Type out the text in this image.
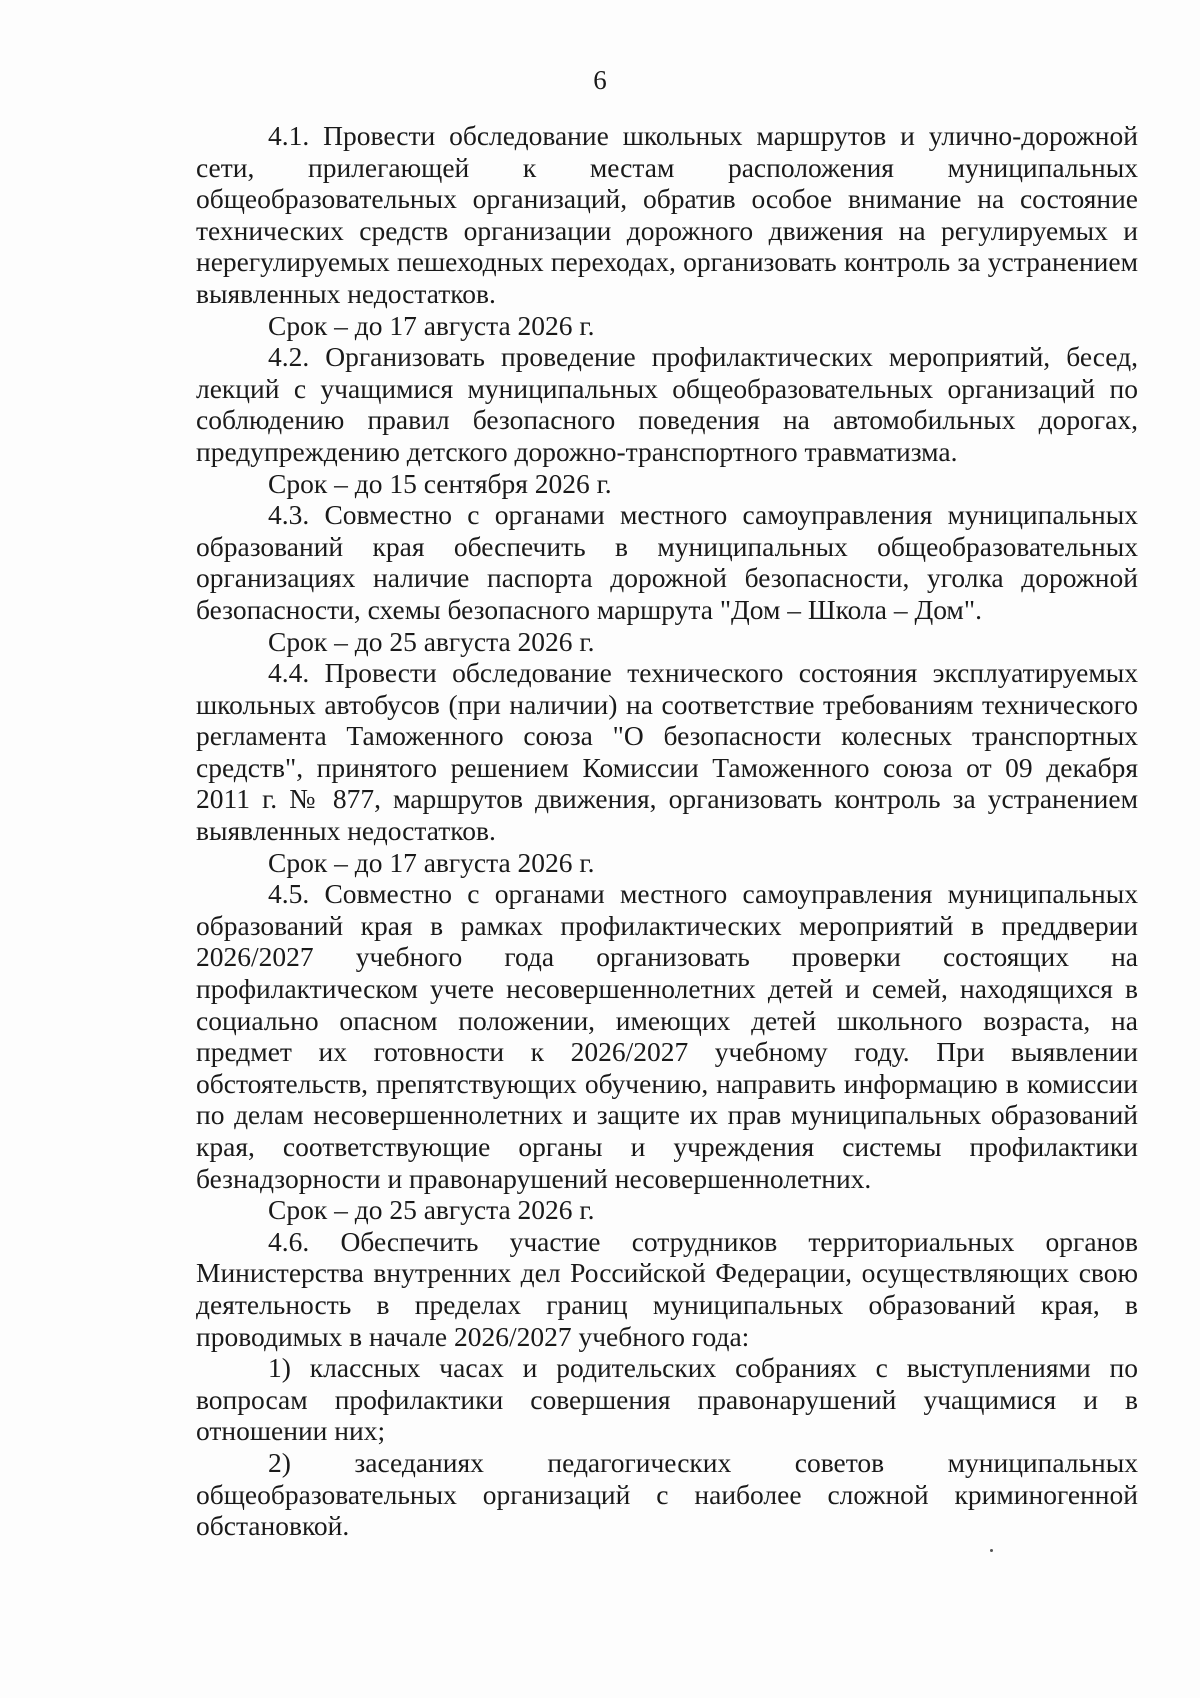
6

4.1. Провести обследование школьных маршрутов и улично-дорожной сети, прилегающей к местам расположения муниципальных общеобразовательных организаций, обратив особое внимание на состояние технических средств организации дорожного движения на регулируемых и нерегулируемых пешеходных переходах, организовать контроль за устранением выявленных недостатков.

Срок – до 17 августа 2026 г.

4.2. Организовать проведение профилактических мероприятий, бесед, лекций с учащимися муниципальных общеобразовательных организаций по соблюдению правил безопасного поведения на автомобильных дорогах, предупреждению детского дорожно-транспортного травматизма.

Срок – до 15 сентября 2026 г.

4.3. Совместно с органами местного самоуправления муниципальных образований края обеспечить в муниципальных общеобразовательных организациях наличие паспорта дорожной безопасности, уголка дорожной безопасности, схемы безопасного маршрута "Дом – Школа – Дом".

Срок – до 25 августа 2026 г.

4.4. Провести обследование технического состояния эксплуатируемых школьных автобусов (при наличии) на соответствие требованиям технического регламента Таможенного союза "О безопасности колесных транспортных средств", принятого решением Комиссии Таможенного союза от 09 декабря 2011 г. № 877, маршрутов движения, организовать контроль за устранением выявленных недостатков.

Срок – до 17 августа 2026 г.

4.5. Совместно с органами местного самоуправления муниципальных образований края в рамках профилактических мероприятий в преддверии 2026/2027 учебного года организовать проверки состоящих на профилактическом учете несовершеннолетних детей и семей, находящихся в социально опасном положении, имеющих детей школьного возраста, на предмет их готовности к 2026/2027 учебному году. При выявлении обстоятельств, препятствующих обучению, направить информацию в комиссии по делам несовершеннолетних и защите их прав муниципальных образований края, соответствующие органы и учреждения системы профилактики безнадзорности и правонарушений несовершеннолетних.

Срок – до 25 августа 2026 г.

4.6. Обеспечить участие сотрудников территориальных органов Министерства внутренних дел Российской Федерации, осуществляющих свою деятельность в пределах границ муниципальных образований края, в проводимых в начале 2026/2027 учебного года:

1) классных часах и родительских собраниях с выступлениями по вопросам профилактики совершения правонарушений учащимися и в отношении них;

2) заседаниях педагогических советов муниципальных общеобразовательных организаций с наиболее сложной криминогенной обстановкой.
